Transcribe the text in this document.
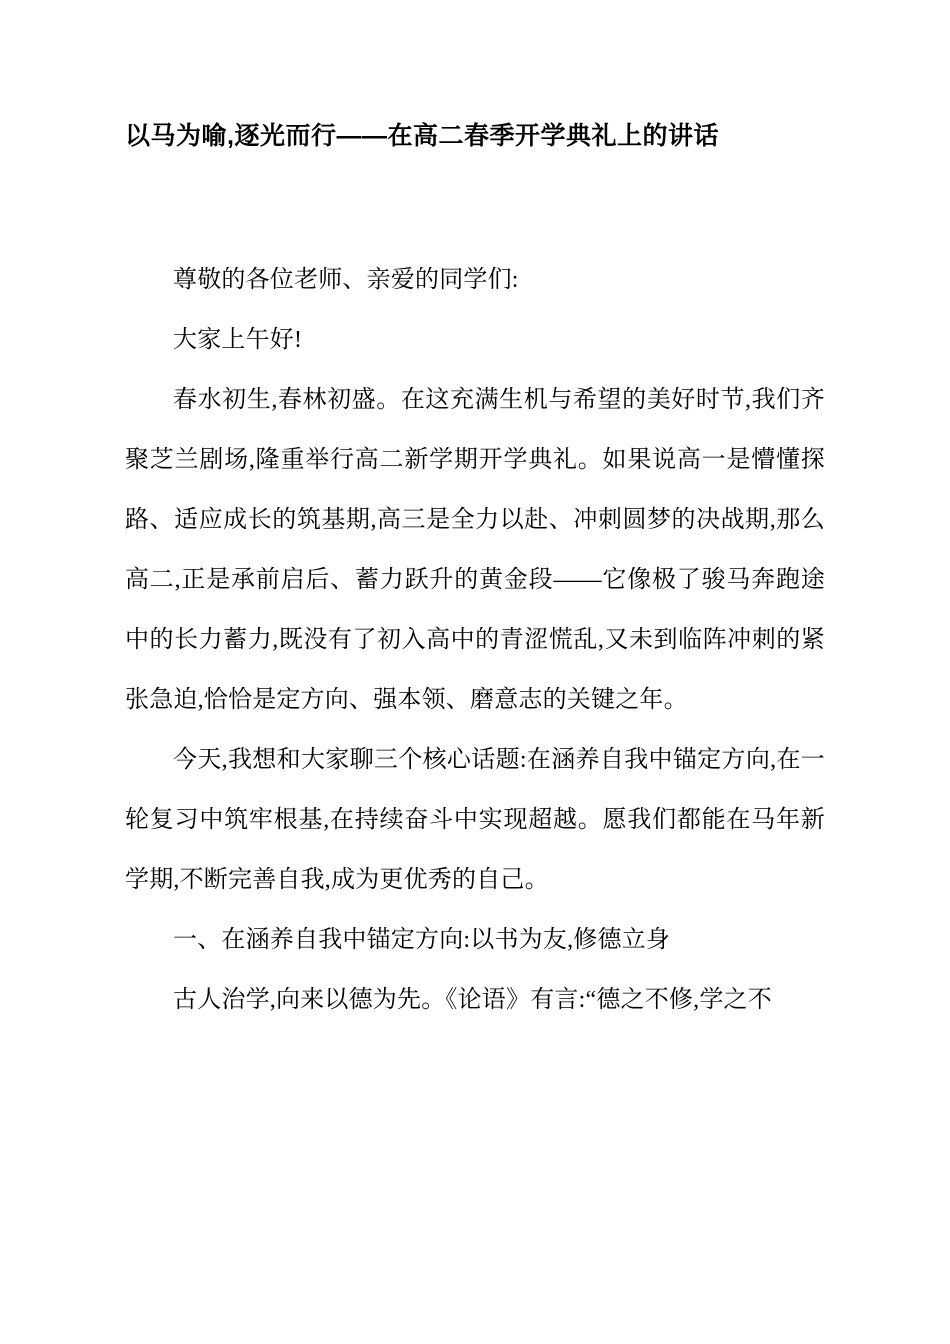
以马为喻,逐光而行——在高二春季开学典礼上的讲话

尊敬的各位老师、亲爱的同学们:

大家上午好!

春水初生,春林初盛。在这充满生机与希望的美好时节,我们齐聚芝兰剧场,隆重举行高二新学期开学典礼。如果说高一是懵懂探路、适应成长的筑基期,高三是全力以赴、冲刺圆梦的决战期,那么高二,正是承前启后、蓄力跃升的黄金段——它像极了骏马奔跑途中的长力蓄力,既没有了初入高中的青涩慌乱,又未到临阵冲刺的紧张急迫,恰恰是定方向、强本领、磨意志的关键之年。

今天,我想和大家聊三个核心话题:在涵养自我中锚定方向,在一轮复习中筑牢根基,在持续奋斗中实现超越。愿我们都能在马年新学期,不断完善自我,成为更优秀的自己。

一、在涵养自我中锚定方向:以书为友,修德立身

古人治学,向来以德为先。《论语》有言:“德之不修,学之不
